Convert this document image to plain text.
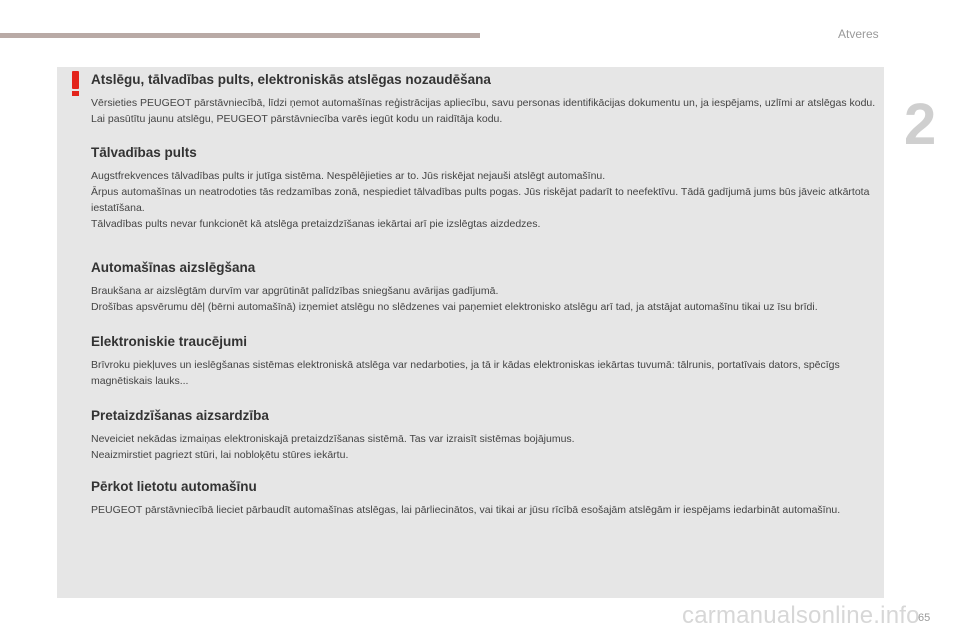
Atveres
2
Atslēgu, tālvadības pults, elektroniskās atslēgas nozaudēšana

Vērsieties PEUGEOT pārstāvniecībā, līdzi ņemot automašīnas reģistrācijas apliecību, savu personas identifikācijas dokumentu un, ja iespējams, uzlīmi ar atslēgas kodu.

Lai pasūtītu jaunu atslēgu, PEUGEOT pārstāvniecība varēs iegūt kodu un raidītāja kodu.

Tālvadības pults

Augstfrekvences tālvadības pults ir jutīga sistēma. Nespēlējieties ar to. Jūs riskējat nejauši atslēgt automašīnu.

Ārpus automašīnas un neatrodoties tās redzamības zonā, nespiediet tālvadības pults pogas. Jūs riskējat padarīt to neefektīvu. Tādā gadījumā jums būs jāveic atkārtota iestatīšana.

Tālvadības pults nevar funkcionēt kā atslēga pretaizdzīšanas iekārtai arī pie izslēgtas aizdedzes.

Automašīnas aizslēgšana

Braukšana ar aizslēgtām durvīm var apgrūtināt palīdzības sniegšanu avārijas gadījumā.

Drošības apsvērumu dēļ (bērni automašīnā) izņemiet atslēgu no slēdzenes vai paņemiet elektronisko atslēgu arī tad, ja atstājat automašīnu tikai uz īsu brīdi.

Elektroniskie traucējumi

Brīvroku piekļuves un ieslēgšanas sistēmas elektroniskā atslēga var nedarboties, ja tā ir kādas elektroniskas iekārtas tuvumā: tālrunis, portatīvais dators, spēcīgs magnētiskais lauks...

Pretaizdzīšanas aizsardzība

Neveiciet nekādas izmaiņas elektroniskajā pretaizdzīšanas sistēmā. Tas var izraisīt sistēmas bojājumus.

Neaizmirstiet pagriezt stūri, lai nobloķētu stūres iekārtu.

Pērkot lietotu automašīnu

PEUGEOT pārstāvniecībā lieciet pārbaudīt automašīnas atslēgas, lai pārliecinātos, vai tikai ar jūsu rīcībā esošajām atslēgām ir iespējams iedarbināt automašīnu.

carmanualsonline.info
65
